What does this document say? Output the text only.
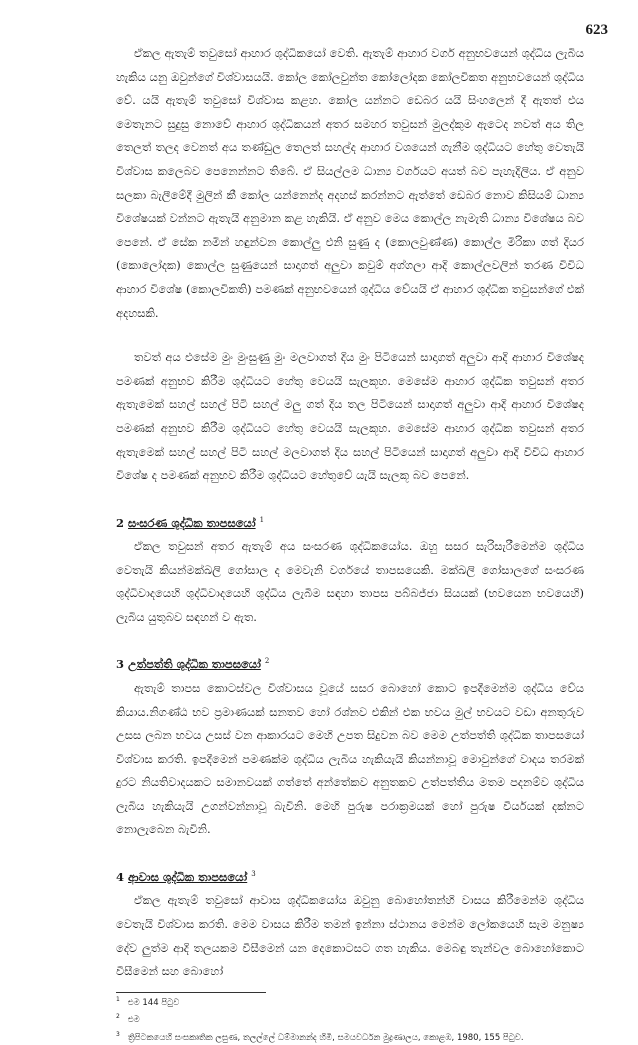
623

ඒකල ඇතැම් තවුසෝ ආහාර ශුද්ධිකයෝ වෙති. ඇතැම් ආහාර වර්ග අනුභවයෙන් ශුද්ධිය ලැබිය හැකිය යනු ඔවුන්ගේ විශ්වාසයයි. කෝල කෝලවුන්ත කෝලෝදක කෝලවිකත අනුභවයෙන් ශුද්ධිය වේ. යයි ඇතැම් තවුසෝ විශ්වාස කළහ. කෝල යන්නට ඩෙබර යයි සිංහලෙන් දී ඇතත් එය මෙතැනට සුදුසු නොවේ ආහාර ශුද්ධිකයන් අතර සමහර තවුසන් මුලද්කුම ඇටෙද නවත් අය තිල තෙලත් තලද වෙනත් අය තණ්ඩුල තෙලත් සහල්ද ආහාර වශයෙන් ගැනීම ශුද්ධියට හේතු වෙතැයි විශ්වාස කලෙබව පෙනෙන්නට තිබේ. ඒ සියල්ලම ධාන්‍ය වර්ගයට අයත් බව පැහැදිලිය. ඒ අනුව සලකා බැලීමේදී මුලින් කී කෝල යන්නෙන්ද අදහස් කරන්නට ඇත්තේ ඩෙබර නොව කිසියම් ධාන්‍ය විශේෂයක් වන්නට ඇතැයි අනුමාන කළ හැකියි. ඒ අනුව මෙය කොල්ල නැමැති ධාන්‍ය විශේෂය බව පෙනේ. ඒ සේක නමින් හඳුන්වන කොල්ලු එනි සුණු ද (කොලවුණ්ණ) කොල්ල මිරිකා ගත් දියර (කොලෝදක) කොල්ල සුණුයෙන් සාදාගත් අලුවා කවුම් අග්ගලා ආදි කොල්ලවලින් තරණ විවිධ ආහාර විශේෂ (කොලවිකති) පමණක් අනුභවයෙන් ශුද්ධිය වේයයි ඒ ආහාර ශුද්ධික තවුසන්ගේ එක් අදහසකි.

තවත් අය එසේම මුං මුංසුණු මුං මලවාගත් දිය මුං පිටියෙන් සාදාගත් අලුවා ආදි ආහාර විශේෂද පමණක් අනුභව කිරීම ශුද්ධියට හේතු වෙයයි සැලකූහ. මෙසේම ආහාර ශුද්ධික තවුසන් අතර ඇතැමෙක් සහල් සහල් පිටි සහල් මලු ගත් දිය තල පිටියෙන් සාදාගත් අලුවා ආදි ආහාර විශේෂද පමණක් අනුභව කිරීම ශුද්ධියට හේතු වෙයයි සැලකූහ. මෙසේම ආහාර ශුද්ධික තවුසන් අතර ඇතැමෙක් සහල් සහල් පිටි සහල් මලවාගත් දිය සහල් පිටියෙන් සාදාගත් අලුවා ආදි විවිධ ආහාර විශේෂ ද පමණක් අනුභව කිරීම ශුද්ධියට හේතුවේ යැයි සැලකූ බව පෙනේ.

2 සංසරණ ශුද්ධික තාපසයෝ $^1$

ඒකල තවුසන් අතර ඇතැම් අය සංසරණ ශුද්ධිකයෝය. ඔහු සසර සැරිසැරීමෙන්ම ශුද්ධිය වෙතැයි කියන්මක්ඛලි ගෝසාල ද මෙවැනි වර්ගයේ තාපසයෙකි. මක්ඛලි ගෝසාලගේ සංසරණ ශුද්ධිවාදයෙහි ශුද්ධිවාදයෙහි ශුද්ධිය ලැබීම සඳහා තාපස පබ්බජ්ජා සියයක් (භවයෙන භවයෙහි) ලැබිය යුතුබව සඳහන් ව ඇත.

3 උත්පත්ති ශුද්ධික තාපසයෝ $^2$

ඇතැම් තාපස කොටස්වල විශ්වාසය වූයේ සසර බොහෝ කොට ඉපදීමෙන්ම ශුද්ධිය වේය කියාය.නිගණ්ඨ භව ප්‍රමාණයක් සනතව හෝ රශ්නව එකින් එක භවය මුල් භවයට වඩා අනතුරුව උසස ලබන භවය උසස් වන ආකාරයට මෙහි උපත සිදුවන බව මෙම උත්පත්ති ශුද්ධික තාපසයෝ විශ්වාස කරති. ඉපදීමෙන් පමණක්ම ශුද්ධිය ලැබිය හැකියැයි කියන්නාවූ මොවුන්ගේ වාදය තරමක් දුරට නියතිවාදයකට සමානවයක් ගත්තේ අන්තේකව අනුතකව උත්පත්තිය මතම පදනම්ව ශුද්ධිය ලැබිය හැකියැයි උගන්වන්නාවූ බැවිනි. මෙහි පුරුෂ පරාක්‍රමයක් හෝ පුරුෂ වීර්යයක් දක්නට නොලැබෙන බැවිනි.

4 ආවාස ශුද්ධික තාපසයෝ $^3$

ඒකල ඇතැම් තවුසෝ ආවාස ශුද්ධිකයෝය ඔවුනු බොහෝතන්හි වාසය කිරීමෙන්ම ශුද්ධිය වෙතැයි විශ්වාස කරති. මෙම වාසය කිරීම තමන් ඉන්නා ස්ථානය මෙන්ම ලෝකයෙහි සැම මනුෂ්‍ය දේව ලුත්ම ආදි තලයකම වීසීමෙන් යන දෙකොටසට ගත හැකිය. මෙබඳු තැන්වල බොහෝකොට වීසීමෙන් සහ බොහෝ

$^1$ එම 144 පිටුව

$^2$ එම

$^3$ ත්‍රිපිටකයෙහි සංසකෘතික ලසුණ, තලල්ලේ ධම්මානන්ද හිමි, සමයවර්ධන මුද්‍රණාලය, කොළඹ, 1980, 155 පිටුව.
